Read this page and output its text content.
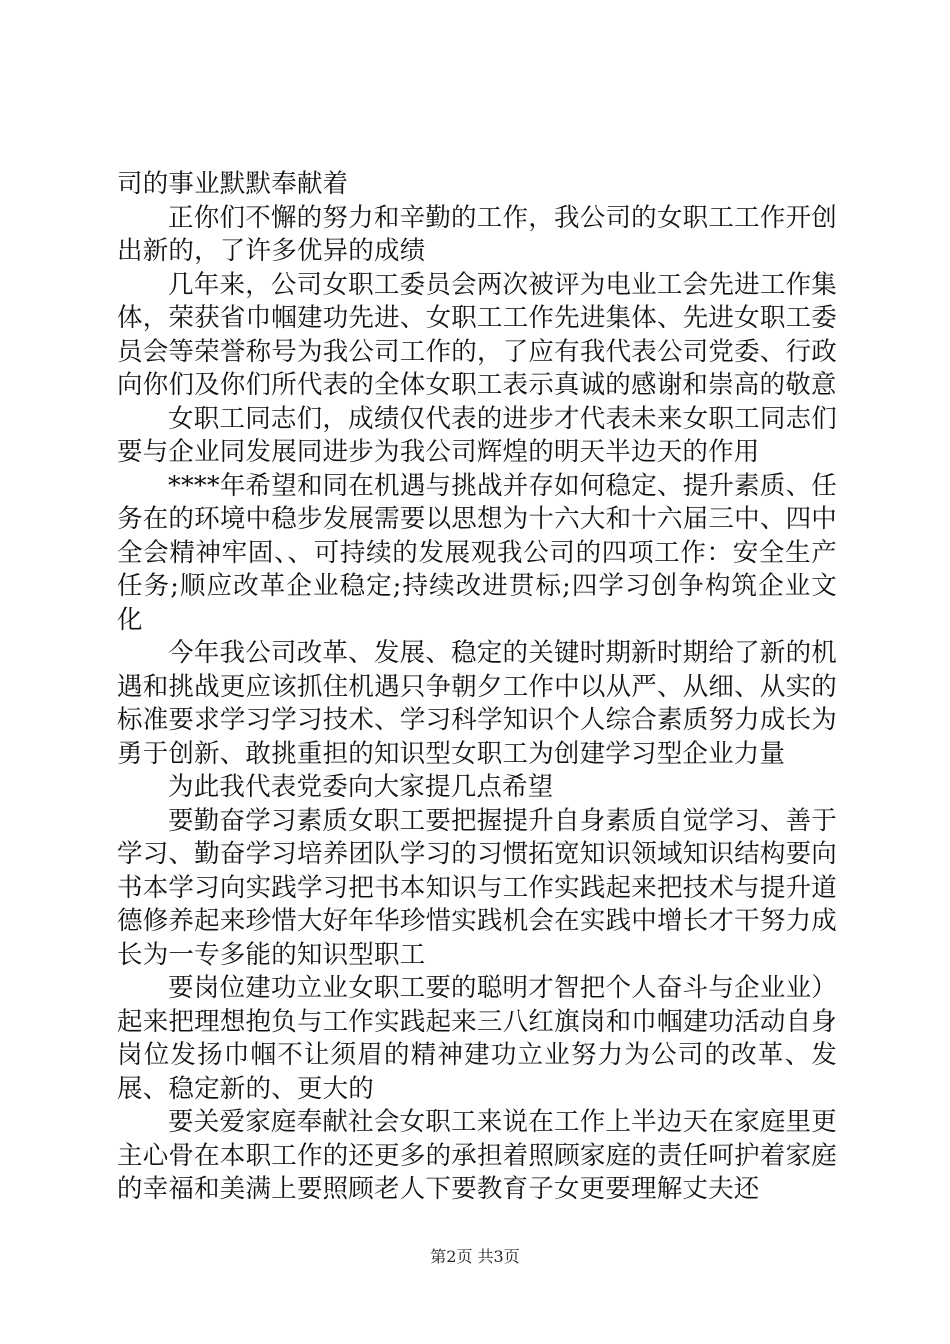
司的事业默默奉献着

正你们不懈的努力和辛勤的工作，我公司的女职工工作开创出新的，了许多优异的成绩

几年来，公司女职工委员会两次被评为电业工会先进工作集体，荣获省巾帼建功先进、女职工工作先进集体、先进女职工委员会等荣誉称号为我公司工作的，了应有我代表公司党委、行政向你们及你们所代表的全体女职工表示真诚的感谢和崇高的敬意

女职工同志们，成绩仅代表的进步才代表未来女职工同志们要与企业同发展同进步为我公司辉煌的明天半边天的作用

****年希望和同在机遇与挑战并存如何稳定、提升素质、任务在的环境中稳步发展需要以思想为十六大和十六届三中、四中全会精神牢固、、可持续的发展观我公司的四项工作：安全生产任务;顺应改革企业稳定;持续改进贯标;四学习创争构筑企业文化

今年我公司改革、发展、稳定的关键时期新时期给了新的机遇和挑战更应该抓住机遇只争朝夕工作中以从严、从细、从实的标准要求学习学习技术、学习科学知识个人综合素质努力成长为勇于创新、敢挑重担的知识型女职工为创建学习型企业力量

为此我代表党委向大家提几点希望

要勤奋学习素质女职工要把握提升自身素质自觉学习、善于学习、勤奋学习培养团队学习的习惯拓宽知识领域知识结构要向书本学习向实践学习把书本知识与工作实践起来把技术与提升道德修养起来珍惜大好年华珍惜实践机会在实践中增长才干努力成长为一专多能的知识型职工

要岗位建功立业女职工要的聪明才智把个人奋斗与企业业）起来把理想抱负与工作实践起来三八红旗岗和巾帼建功活动自身岗位发扬巾帼不让须眉的精神建功立业努力为公司的改革、发展、稳定新的、更大的

要关爱家庭奉献社会女职工来说在工作上半边天在家庭里更主心骨在本职工作的还更多的承担着照顾家庭的责任呵护着家庭的幸福和美满上要照顾老人下要教育子女更要理解丈夫还

第2页 共3页
